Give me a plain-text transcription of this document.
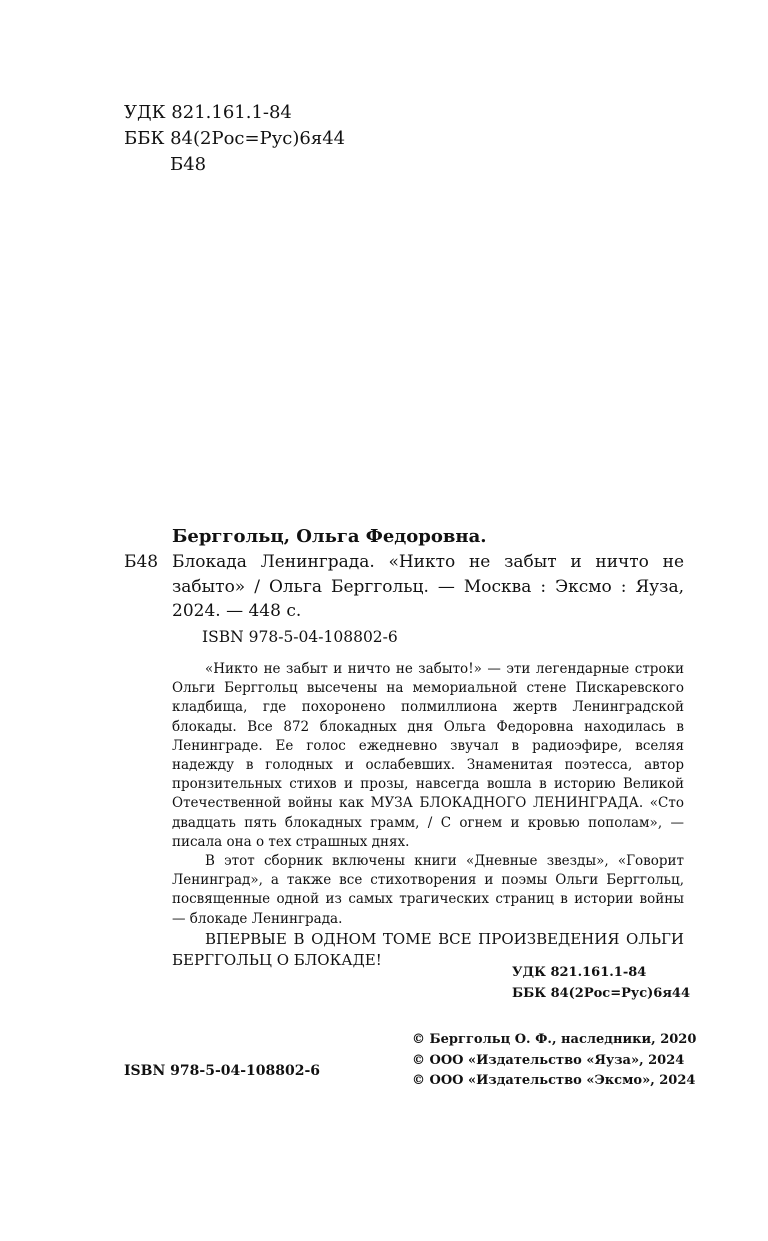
УДК 821.161.1-84
ББК 84(2Рос=Рус)6я44
Б48
Берггольц, Ольга Федоровна.
Б48 Блокада Ленинграда. «Никто не забыт и ничто не забыто» / Ольга Берггольц. — Москва : Эксмо : Яуза, 2024. — 448 с.
ISBN 978-5-04-108802-6

«Никто не забыт и ничто не забыто!» — эти легендарные строки Ольги Берггольц высечены на мемориальной стене Пискаревского кладбища, где похоронено полмиллиона жертв Ленинградской блокады. Все 872 блокадных дня Ольга Федоровна находилась в Ленинграде. Ее голос ежедневно звучал в радиоэфире, вселяя надежду в голодных и ослабевших. Знаменитая поэтесса, автор пронзительных стихов и прозы, навсегда вошла в историю Великой Отечественной войны как МУЗА БЛОКАДНОГО ЛЕНИНГРАДА. «Сто двадцать пять блокадных грамм, / С огнем и кровью пополам», — писала она о тех страшных днях.

В этот сборник включены книги «Дневные звезды», «Говорит Ленинград», а также все стихотворения и поэмы Ольги Берггольц, посвященные одной из самых трагических страниц в истории войны — блокаде Ленинграда.

ВПЕРВЫЕ В ОДНОМ ТОМЕ ВСЕ ПРОИЗВЕДЕНИЯ ОЛЬГИ БЕРГГОЛЬЦ О БЛОКАДЕ!

УДК 821.161.1-84
ББК 84(2Рос=Рус)6я44
© Берггольц О. Ф., наследники, 2020
© ООО «Издательство «Яуза», 2024
© ООО «Издательство «Эксмо», 2024
ISBN 978-5-04-108802-6
